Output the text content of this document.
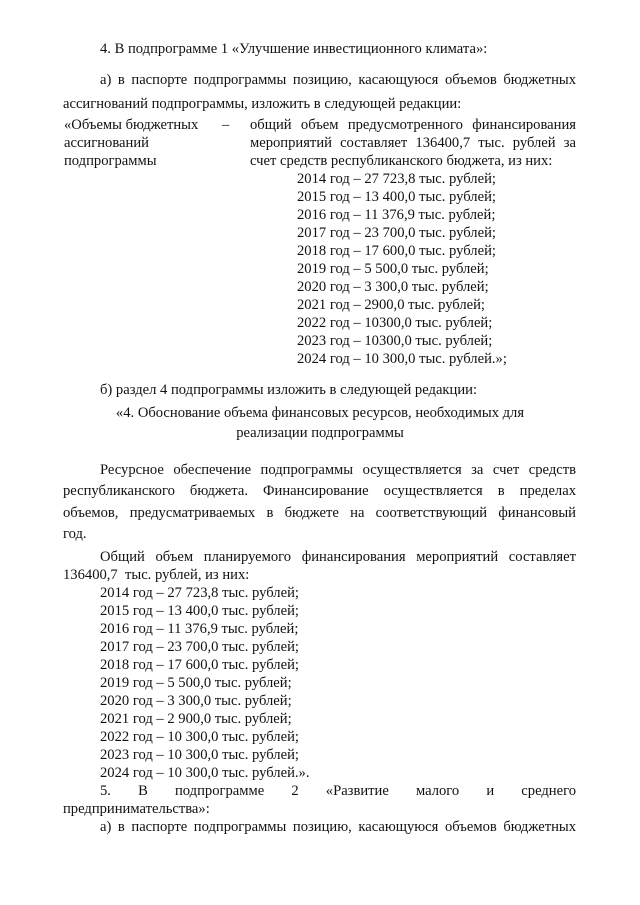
4. В подпрограмме 1 «Улучшение инвестиционного климата»:
а) в паспорте подпрограммы позицию, касающуюся объемов бюджетных
ассигнований подпрограммы, изложить в следующей редакции:
«Объемы бюджетных
ассигнований
подпрограммы
– общий объем предусмотренного финансирования
мероприятий составляет 136400,7 тыс. рублей за
счет средств республиканского бюджета, из них:
2014 год – 27 723,8 тыс. рублей;
2015 год – 13 400,0 тыс. рублей;
2016 год – 11 376,9 тыс. рублей;
2017 год – 23 700,0 тыс. рублей;
2018 год – 17 600,0 тыс. рублей;
2019 год – 5 500,0 тыс. рублей;
2020 год – 3 300,0 тыс. рублей;
2021 год – 2900,0 тыс. рублей;
2022 год – 10300,0 тыс. рублей;
2023 год – 10300,0 тыс. рублей;
2024 год – 10 300,0 тыс. рублей.»;
б) раздел 4 подпрограммы изложить в следующей редакции:
«4. Обоснование объема финансовых ресурсов, необходимых для
реализации подпрограммы
Ресурсное обеспечение подпрограммы осуществляется за счет средств
республиканского бюджета. Финансирование осуществляется в пределах
объемов, предусматриваемых в бюджете на соответствующий финансовый
год.
Общий объем планируемого финансирования мероприятий составляет
136400,7  тыс. рублей, из них:
2014 год – 27 723,8 тыс. рублей;
2015 год – 13 400,0 тыс. рублей;
2016 год – 11 376,9 тыс. рублей;
2017 год – 23 700,0 тыс. рублей;
2018 год – 17 600,0 тыс. рублей;
2019 год – 5 500,0 тыс. рублей;
2020 год – 3 300,0 тыс. рублей;
2021 год – 2 900,0 тыс. рублей;
2022 год – 10 300,0 тыс. рублей;
2023 год – 10 300,0 тыс. рублей;
2024 год – 10 300,0 тыс. рублей.».
5. В подпрограмме 2 «Развитие малого и среднего
предпринимательства»:
а) в паспорте подпрограммы позицию, касающуюся объемов бюджетных
